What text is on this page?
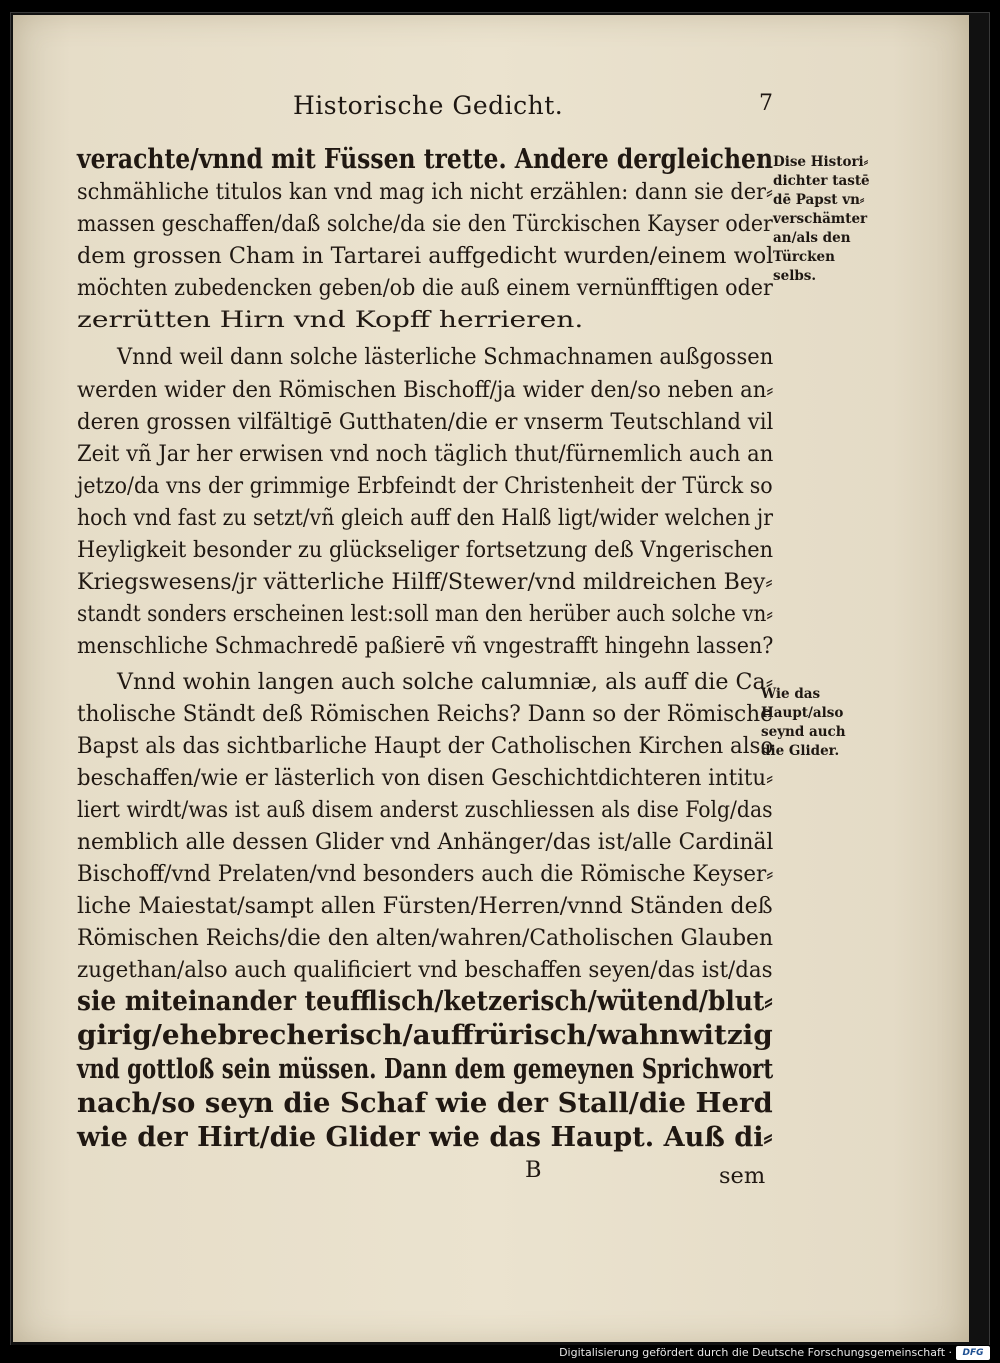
Historische Gedicht.	7
verachte/vnnd mit Füssen trette. Andere dergleichen
schmähliche titulos kan vnd mag ich nicht erzählen: dann sie der⸗
massen geschaffen/daß solche/da sie den Türckischen Kayser oder
dem grossen Cham in Tartarei auffgedicht wurden/einem wol
möchten zubedencken geben/ob die auß einem vernünfftigen oder
zerrütten Hirn vnd Kopff herrieren.
Vnnd weil dann solche lästerliche Schmachnamen außgossen
werden wider den Römischen Bischoff/ja wider den/so neben an⸗
deren grossen vilfältigē Gutthaten/die er vnserm Teutschland vil
Zeit vñ Jar her erwisen vnd noch täglich thut/fürnemlich auch an
jetzo/da vns der grimmige Erbfeindt der Christenheit der Türck so
hoch vnd fast zu setzt/vñ gleich auff den Halß ligt/wider welchen jr
Heyligkeit besonder zu glückseliger fortsetzung deß Vngerischen
Kriegswesens/jr vätterliche Hilff/Stewer/vnd mildreichen Bey⸗
standt sonders erscheinen lest:soll man den herüber auch solche vn⸗
menschliche Schmachredē paßierē vñ vngestrafft hingehn lassen?
Vnnd wohin langen auch solche calumniæ, als auff die Ca⸗
tholische Ständt deß Römischen Reichs? Dann so der Römische
Bapst als das sichtbarliche Haupt der Catholischen Kirchen also
beschaffen/wie er lästerlich von disen Geschichtdichteren intitu⸗
liert wirdt/was ist auß disem anderst zuschliessen als dise Folg/das
nemblich alle dessen Glider vnd Anhänger/das ist/alle Cardinäl
Bischoff/vnd Prelaten/vnd besonders auch die Römische Keyser⸗
liche Maiestat/sampt allen Fürsten/Herren/vnnd Ständen deß
Römischen Reichs/die den alten/wahren/Catholischen Glauben
zugethan/also auch qualificiert vnd beschaffen seyen/das ist/das
sie miteinander teufflisch/ketzerisch/wütend/blut⸗
girig/ehebrecherisch/auffrürisch/wahnwitzig
vnd gottloß sein müssen. Dann dem gemeynen Sprichwort
nach/so seyn die Schaf wie der Stall/die Herd
wie der Hirt/die Glider wie das Haupt. Auß di⸗
B	sem
Dise Histori⸗
dichter tastē
dē Papst vn⸗
verschämter
an/als den
Türcken
selbs.
Wie das
Haupt/also
seynd auch
die Glider.
Digitalisierung gefördert durch die Deutsche Forschungsgemeinschaft ·	DFG
